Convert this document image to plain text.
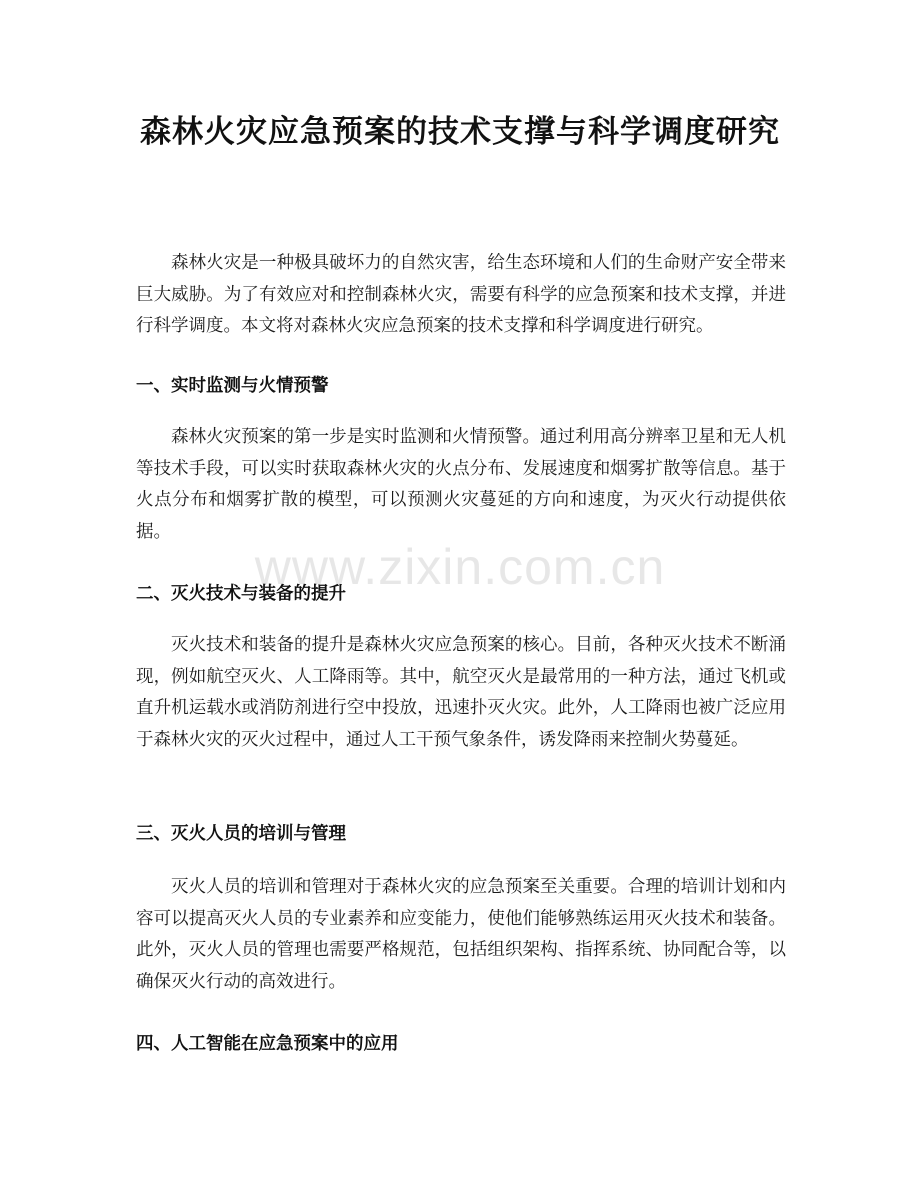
森林火灾应急预案的技术支撑与科学调度研究

森林火灾是一种极具破坏力的自然灾害，给生态环境和人们的生命财产安全带来巨大威胁。为了有效应对和控制森林火灾，需要有科学的应急预案和技术支撑，并进行科学调度。本文将对森林火灾应急预案的技术支撑和科学调度进行研究。

一、实时监测与火情预警

森林火灾预案的第一步是实时监测和火情预警。通过利用高分辨率卫星和无人机等技术手段，可以实时获取森林火灾的火点分布、发展速度和烟雾扩散等信息。基于火点分布和烟雾扩散的模型，可以预测火灾蔓延的方向和速度，为灭火行动提供依据。

二、灭火技术与装备的提升

灭火技术和装备的提升是森林火灾应急预案的核心。目前，各种灭火技术不断涌现，例如航空灭火、人工降雨等。其中，航空灭火是最常用的一种方法，通过飞机或直升机运载水或消防剂进行空中投放，迅速扑灭火灾。此外，人工降雨也被广泛应用于森林火灾的灭火过程中，通过人工干预气象条件，诱发降雨来控制火势蔓延。

三、灭火人员的培训与管理

灭火人员的培训和管理对于森林火灾的应急预案至关重要。合理的培训计划和内容可以提高灭火人员的专业素养和应变能力，使他们能够熟练运用灭火技术和装备。此外，灭火人员的管理也需要严格规范，包括组织架构、指挥系统、协同配合等，以确保灭火行动的高效进行。

四、人工智能在应急预案中的应用
www.zixin.com.cn
